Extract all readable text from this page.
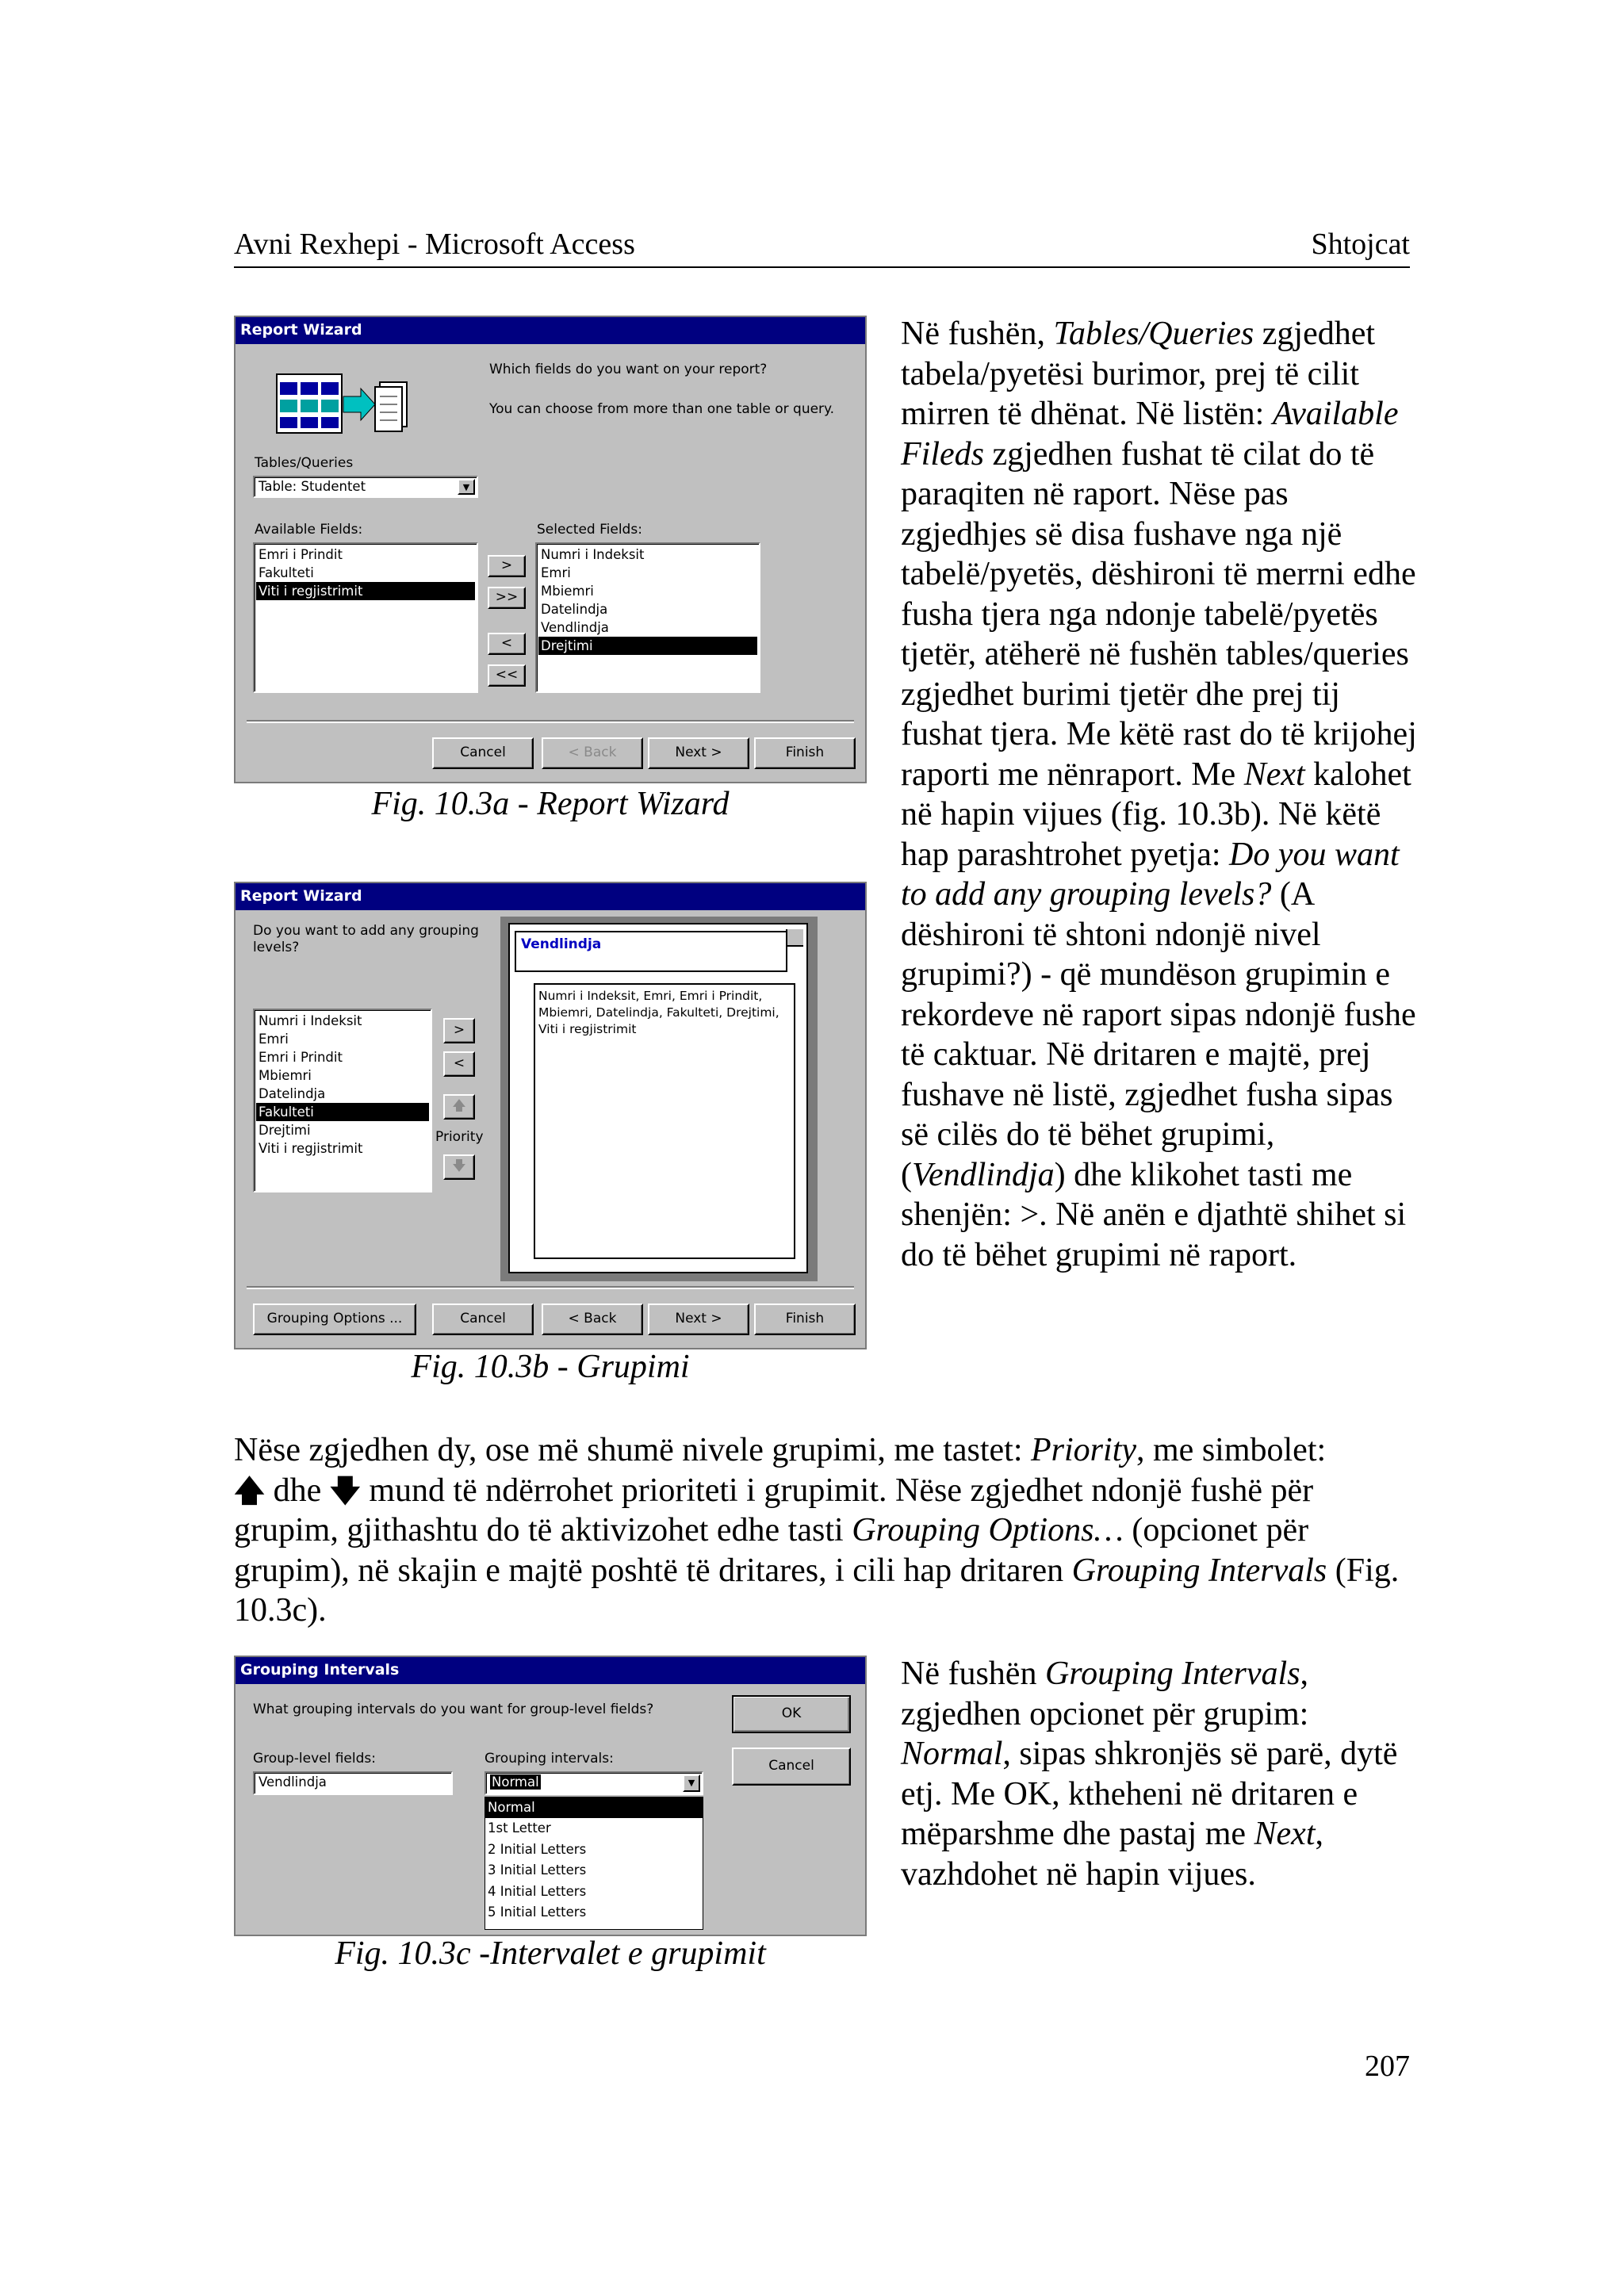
Avni Rexhepi - Microsoft Access	Shtojcat
Report Wizard
Which fields do you want on your report?
You can choose from more than one table or query.
Tables/Queries
Table: Studentet	▼
Available Fields:	Selected Fields:
Emri i Prindit
Fakulteti
Viti i regjistrimit
>
>>
<
<<
Numri i Indeksit
Emri
Mbiemri
Datelindja
Vendlindja
Drejtimi
Cancel	< Back	Next >	Finish
Fig. 10.3a - Report Wizard
Report Wizard
Do you want to add any grouping levels?
Numri i Indeksit
Emri
Emri i Prindit
Mbiemri
Datelindja
Fakulteti
Drejtimi
Viti i regjistrimit
>
<
🡅
Priority
🡇
Vendlindja
Numri i Indeksit, Emri, Emri i Prindit, Mbiemri, Datelindja, Fakulteti, Drejtimi, Viti i regjistrimit
Grouping Options ...	Cancel	< Back	Next >	Finish
Fig. 10.3b - Grupimi
Në fushën, Tables/Queries zgjedhet tabela/pyetësi burimor, prej të cilit mirren të dhënat. Në listën: Available Fileds zgjedhen fushat të cilat do të paraqiten në raport. Nëse pas zgjedhjes së disa fushave nga një tabelë/pyetës, dëshironi të merrni edhe fusha tjera nga ndonje tabelë/pyetës tjetër, atëherë në fushën tables/queries zgjedhet burimi tjetër dhe prej tij fushat tjera. Me këtë rast do të krijohej raporti me nënraport. Me Next kalohet në hapin vijues (fig. 10.3b). Në këtë hap parashtrohet pyetja: Do you want to add any grouping levels? (A dëshironi të shtoni ndonjë nivel grupimi?) - që mundëson grupimin e rekordeve në raport sipas ndonjë fushe të caktuar. Në dritaren e majtë, prej fushave në listë, zgjedhet fusha sipas së cilës do të bëhet grupimi, (Vendlindja) dhe klikohet tasti me shenjën: >. Në anën e djathtë shihet si do të bëhet grupimi në raport.
Nëse zgjedhen dy, ose më shumë nivele grupimi, me tastet: Priority, me simbolet:
🡅 dhe 🡇 mund të ndërrohet prioriteti i grupimit. Nëse zgjedhet ndonjë fushë për grupim, gjithashtu do të aktivizohet edhe tasti Grouping Options… (opcionet për grupim), në skajin e majtë poshtë të dritares, i cili hap dritaren Grouping Intervals (Fig. 10.3c).
Grouping Intervals
What grouping intervals do you want for group-level fields?	OK
Cancel
Group-level fields:	Grouping intervals:
Vendlindja	Normal	▼
Normal
1st Letter
2 Initial Letters
3 Initial Letters
4 Initial Letters
5 Initial Letters
Fig. 10.3c -Intervalet e grupimit
Në fushën Grouping Intervals, zgjedhen opcionet për grupim: Normal, sipas shkronjës së parë, dytë etj. Me OK, ktheheni në dritaren e mëparshme dhe pastaj me Next, vazhdohet në hapin vijues.
207
